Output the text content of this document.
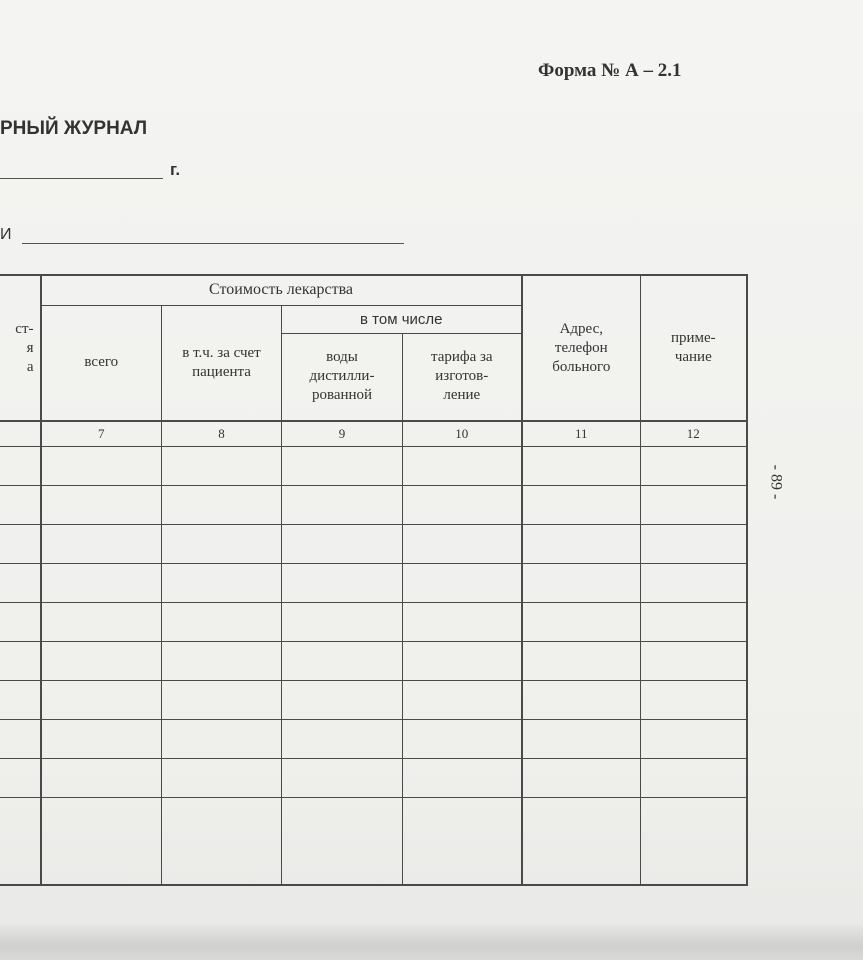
Форма № А – 2.1
РНЫЙ ЖУРНАЛ
г.
И
- 89 -
ст-
я
а	Стоимость лекарства				Адрес, телефон больного	приме- чание

	всего	в т.ч. за счет пациента	в том числе			

			воды дистилли- рованной	тарифа за изготов- ление		

	7	8	9	10	11	12
